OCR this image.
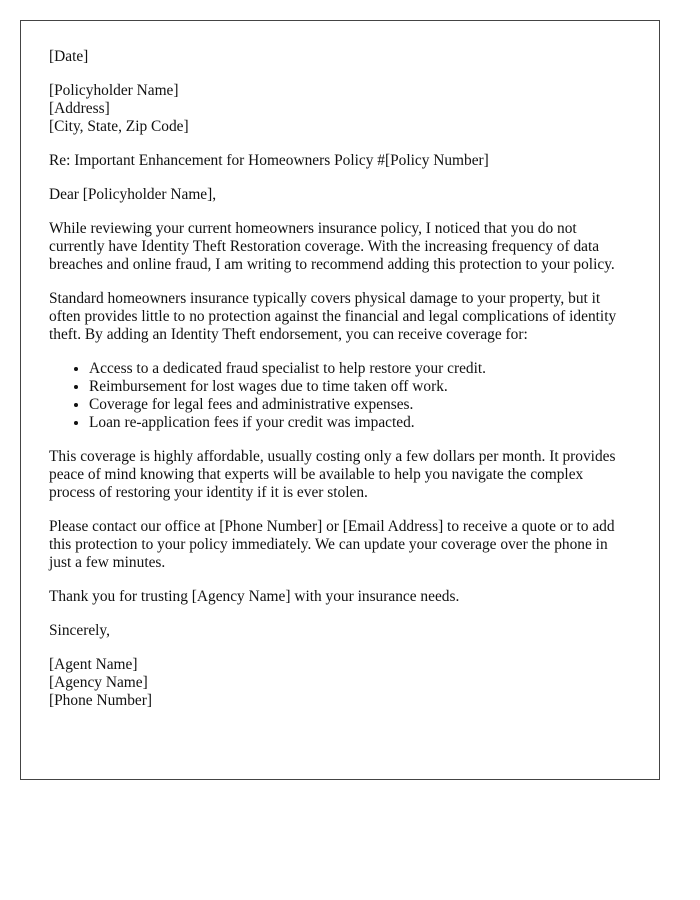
[Date]

[Policyholder Name]
[Address]
[City, State, Zip Code]

Re: Important Enhancement for Homeowners Policy #[Policy Number]

Dear [Policyholder Name],

While reviewing your current homeowners insurance policy, I noticed that you do not currently have Identity Theft Restoration coverage. With the increasing frequency of data breaches and online fraud, I am writing to recommend adding this protection to your policy.

Standard homeowners insurance typically covers physical damage to your property, but it often provides little to no protection against the financial and legal complications of identity theft. By adding an Identity Theft endorsement, you can receive coverage for:

• Access to a dedicated fraud specialist to help restore your credit.
• Reimbursement for lost wages due to time taken off work.
• Coverage for legal fees and administrative expenses.
• Loan re-application fees if your credit was impacted.

This coverage is highly affordable, usually costing only a few dollars per month. It provides peace of mind knowing that experts will be available to help you navigate the complex process of restoring your identity if it is ever stolen.

Please contact our office at [Phone Number] or [Email Address] to receive a quote or to add this protection to your policy immediately. We can update your coverage over the phone in just a few minutes.

Thank you for trusting [Agency Name] with your insurance needs.

Sincerely,

[Agent Name]
[Agency Name]
[Phone Number]
